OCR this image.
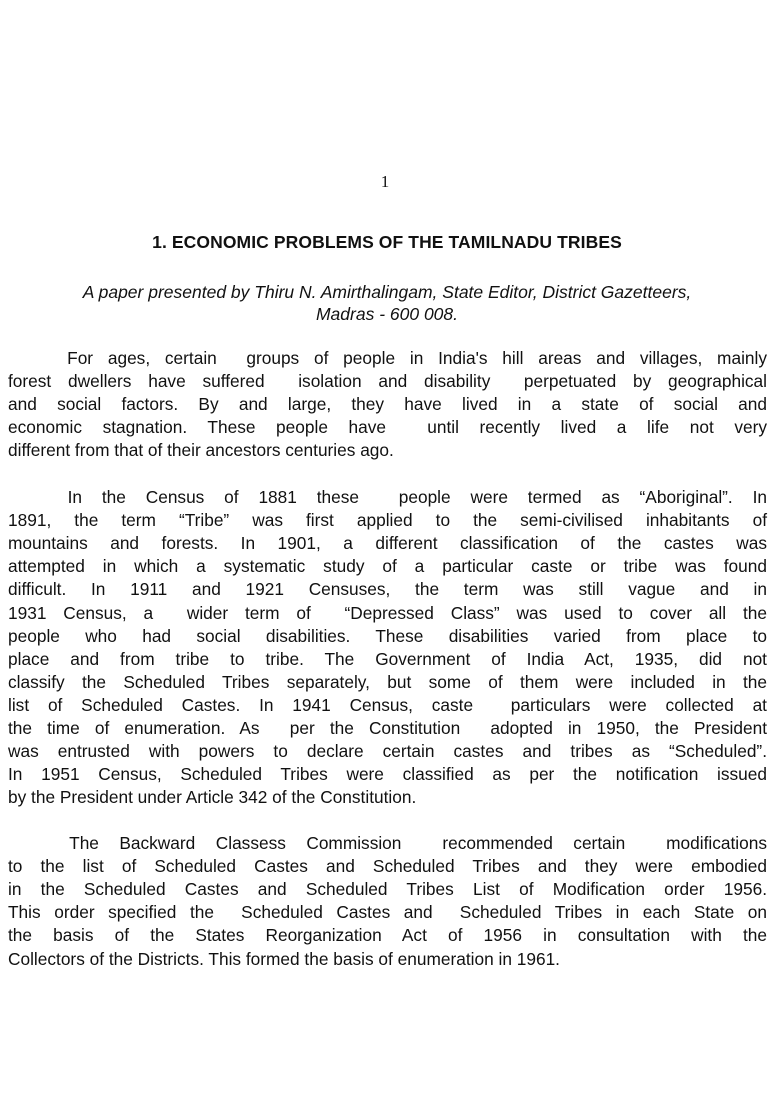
1
1. ECONOMIC PROBLEMS OF THE TAMILNADU TRIBES
A paper presented by Thiru N. Amirthalingam, State Editor, District Gazetteers,
Madras - 600 008.
For ages, certain  groups of people in India's hill areas and villages, mainly
forest dwellers have suffered  isolation and disability  perpetuated by geographical
and social factors. By and large, they have lived in a state of social and
economic stagnation. These people have  until recently lived a life not very
different from that of their ancestors centuries ago.
In the Census of 1881 these  people were termed as “Aboriginal”. In
1891, the term “Tribe” was first applied to the semi-civilised inhabitants of
mountains and forests. In 1901, a different classification of the castes was
attempted in which a systematic study of a particular caste or tribe was found
difficult. In 1911 and 1921 Censuses, the term was still vague and in
1931 Census, a  wider term of  “Depressed Class” was used to cover all the
people who had social disabilities. These disabilities varied from place to
place and from tribe to tribe. The Government of India Act, 1935, did not
classify the Scheduled Tribes separately, but some of them were included in the
list of Scheduled Castes. In 1941 Census, caste  particulars were collected at
the time of enumeration. As  per the Constitution  adopted in 1950, the President
was entrusted with powers to declare certain castes and tribes as “Scheduled”.
In 1951 Census, Scheduled Tribes were classified as per the notification issued
by the President under Article 342 of the Constitution.
The Backward Classess Commission  recommended certain  modifications
to the list of Scheduled Castes and Scheduled Tribes and they were embodied
in the Scheduled Castes and Scheduled Tribes List of Modification order 1956.
This order specified the  Scheduled Castes and  Scheduled Tribes in each State on
the basis of the States Reorganization Act of 1956 in consultation with the
Collectors of the Districts. This formed the basis of enumeration in 1961.
